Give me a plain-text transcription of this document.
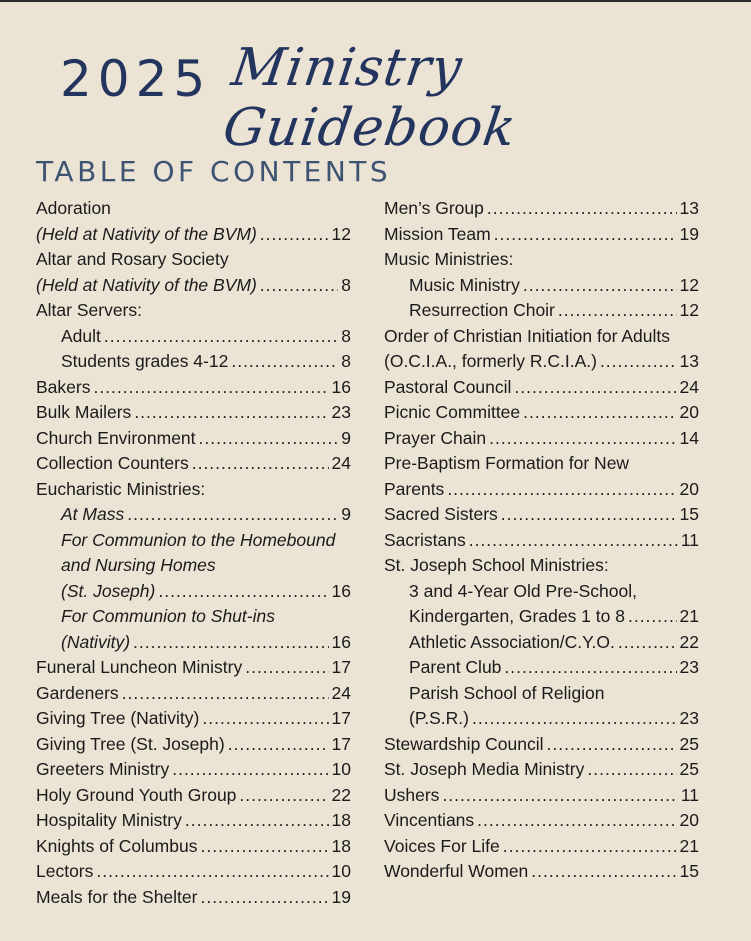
2025 Ministry Guidebook
TABLE OF CONTENTS
Adoration
(Held at Nativity of the BVM) .....	12
Altar and Rosary Society
(Held at Nativity of the BVM) .....	8
Altar Servers:
Adult .....	8
Students grades 4-12 .....	8
Bakers .....	16
Bulk Mailers .....	23
Church Environment .....	9
Collection Counters .....	24
Eucharistic Ministries:
At Mass .....	9
For Communion to the Homebound
and Nursing Homes
(St. Joseph) .....	16
For Communion to Shut-ins
(Nativity) .....	16
Funeral Luncheon Ministry .....	17
Gardeners .....	24
Giving Tree (Nativity) .....	17
Giving Tree (St. Joseph) .....	17
Greeters Ministry .....	10
Holy Ground Youth Group .....	22
Hospitality Ministry .....	18
Knights of Columbus .....	18
Lectors .....	10
Meals for the Shelter .....	19
Men’s Group .....	13
Mission Team .....	19
Music Ministries:
Music Ministry .....	12
Resurrection Choir .....	12
Order of Christian Initiation for Adults
(O.C.I.A., formerly R.C.I.A.) .....	13
Pastoral Council .....	24
Picnic Committee .....	20
Prayer Chain .....	14
Pre-Baptism Formation for New
Parents .....	20
Sacred Sisters .....	15
Sacristans .....	11
St. Joseph School Ministries:
3 and 4-Year Old Pre-School,
Kindergarten, Grades 1 to 8 .....	21
Athletic Association/C.Y.O. .....	22
Parent Club .....	23
Parish School of Religion
(P.S.R.) .....	23
Stewardship Council .....	25
St. Joseph Media Ministry .....	25
Ushers .....	11
Vincentians .....	20
Voices For Life .....	21
Wonderful Women .....	15
